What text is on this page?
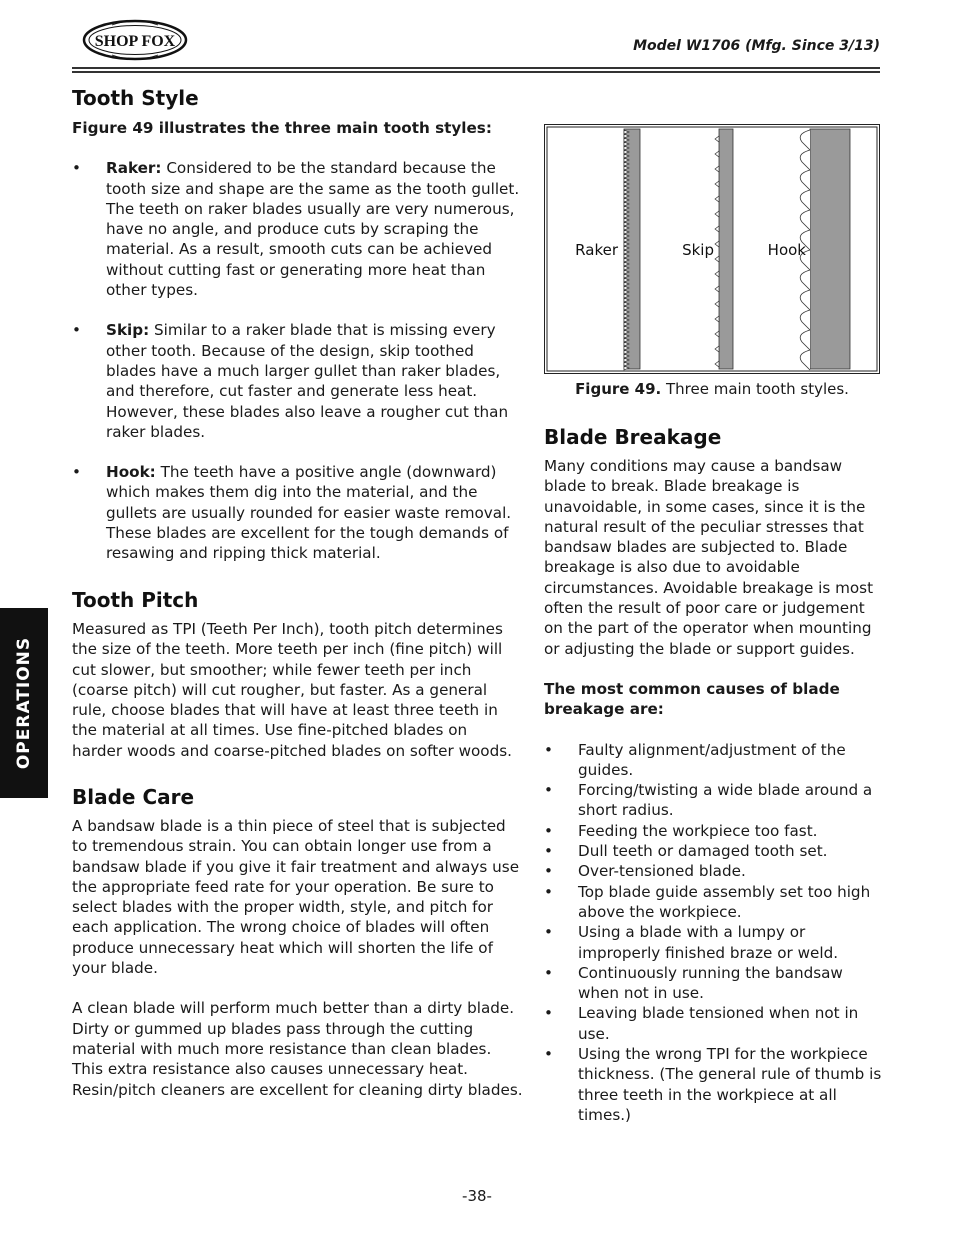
SHOP FOX	Model W1706 (Mfg. Since 3/13)
OPERATIONS
Tooth Style

Figure 49 illustrates the three main tooth styles:

• Raker: Considered to be the standard because the tooth size and shape are the same as the tooth gullet. The teeth on raker blades usually are very numerous, have no angle, and produce cuts by scraping the material. As a result, smooth cuts can be achieved without cutting fast or generating more heat than other types.
• Skip: Similar to a raker blade that is missing every other tooth. Because of the design, skip toothed blades have a much larger gullet than raker blades, and therefore, cut faster and generate less heat. However, these blades also leave a rougher cut than raker blades.
• Hook: The teeth have a positive angle (downward) which makes them dig into the material, and the gullets are usually rounded for easier waste removal. These blades are excellent for the tough demands of resawing and ripping thick material.
Tooth Pitch

Measured as TPI (Teeth Per Inch), tooth pitch determines the size of the teeth. More teeth per inch (fine pitch) will cut slower, but smoother; while fewer teeth per inch (coarse pitch) will cut rougher, but faster. As a general rule, choose blades that will have at least three teeth in the material at all times. Use fine-pitched blades on harder woods and coarse-pitched blades on softer woods.

Blade Care

A bandsaw blade is a thin piece of steel that is subjected to tremendous strain. You can obtain longer use from a bandsaw blade if you give it fair treatment and always use the appropriate feed rate for your operation. Be sure to select blades with the proper width, style, and pitch for each application. The wrong choice of blades will often produce unnecessary heat which will shorten the life of your blade.

A clean blade will perform much better than a dirty blade. Dirty or gummed up blades pass through the cutting material with much more resistance than clean blades. This extra resistance also causes unnecessary heat. Resin/pitch cleaners are excellent for cleaning dirty blades.

Raker	Skip	Hook
Figure 49. Three main tooth styles.
Blade Breakage

Many conditions may cause a bandsaw blade to break. Blade breakage is unavoidable, in some cases, since it is the natural result of the peculiar stresses that bandsaw blades are subjected to. Blade breakage is also due to avoidable circumstances. Avoidable breakage is most often the result of poor care or judgement on the part of the operator when mounting or adjusting the blade or support guides.

The most common causes of blade breakage are:

• Faulty alignment/adjustment of the guides.
• Forcing/twisting a wide blade around a short radius.
• Feeding the workpiece too fast.
• Dull teeth or damaged tooth set.
• Over-tensioned blade.
• Top blade guide assembly set too high above the workpiece.
• Using a blade with a lumpy or improperly finished braze or weld.
• Continuously running the bandsaw when not in use.
• Leaving blade tensioned when not in use.
• Using the wrong TPI for the workpiece thickness. (The general rule of thumb is three teeth in the workpiece at all times.)
-38-
